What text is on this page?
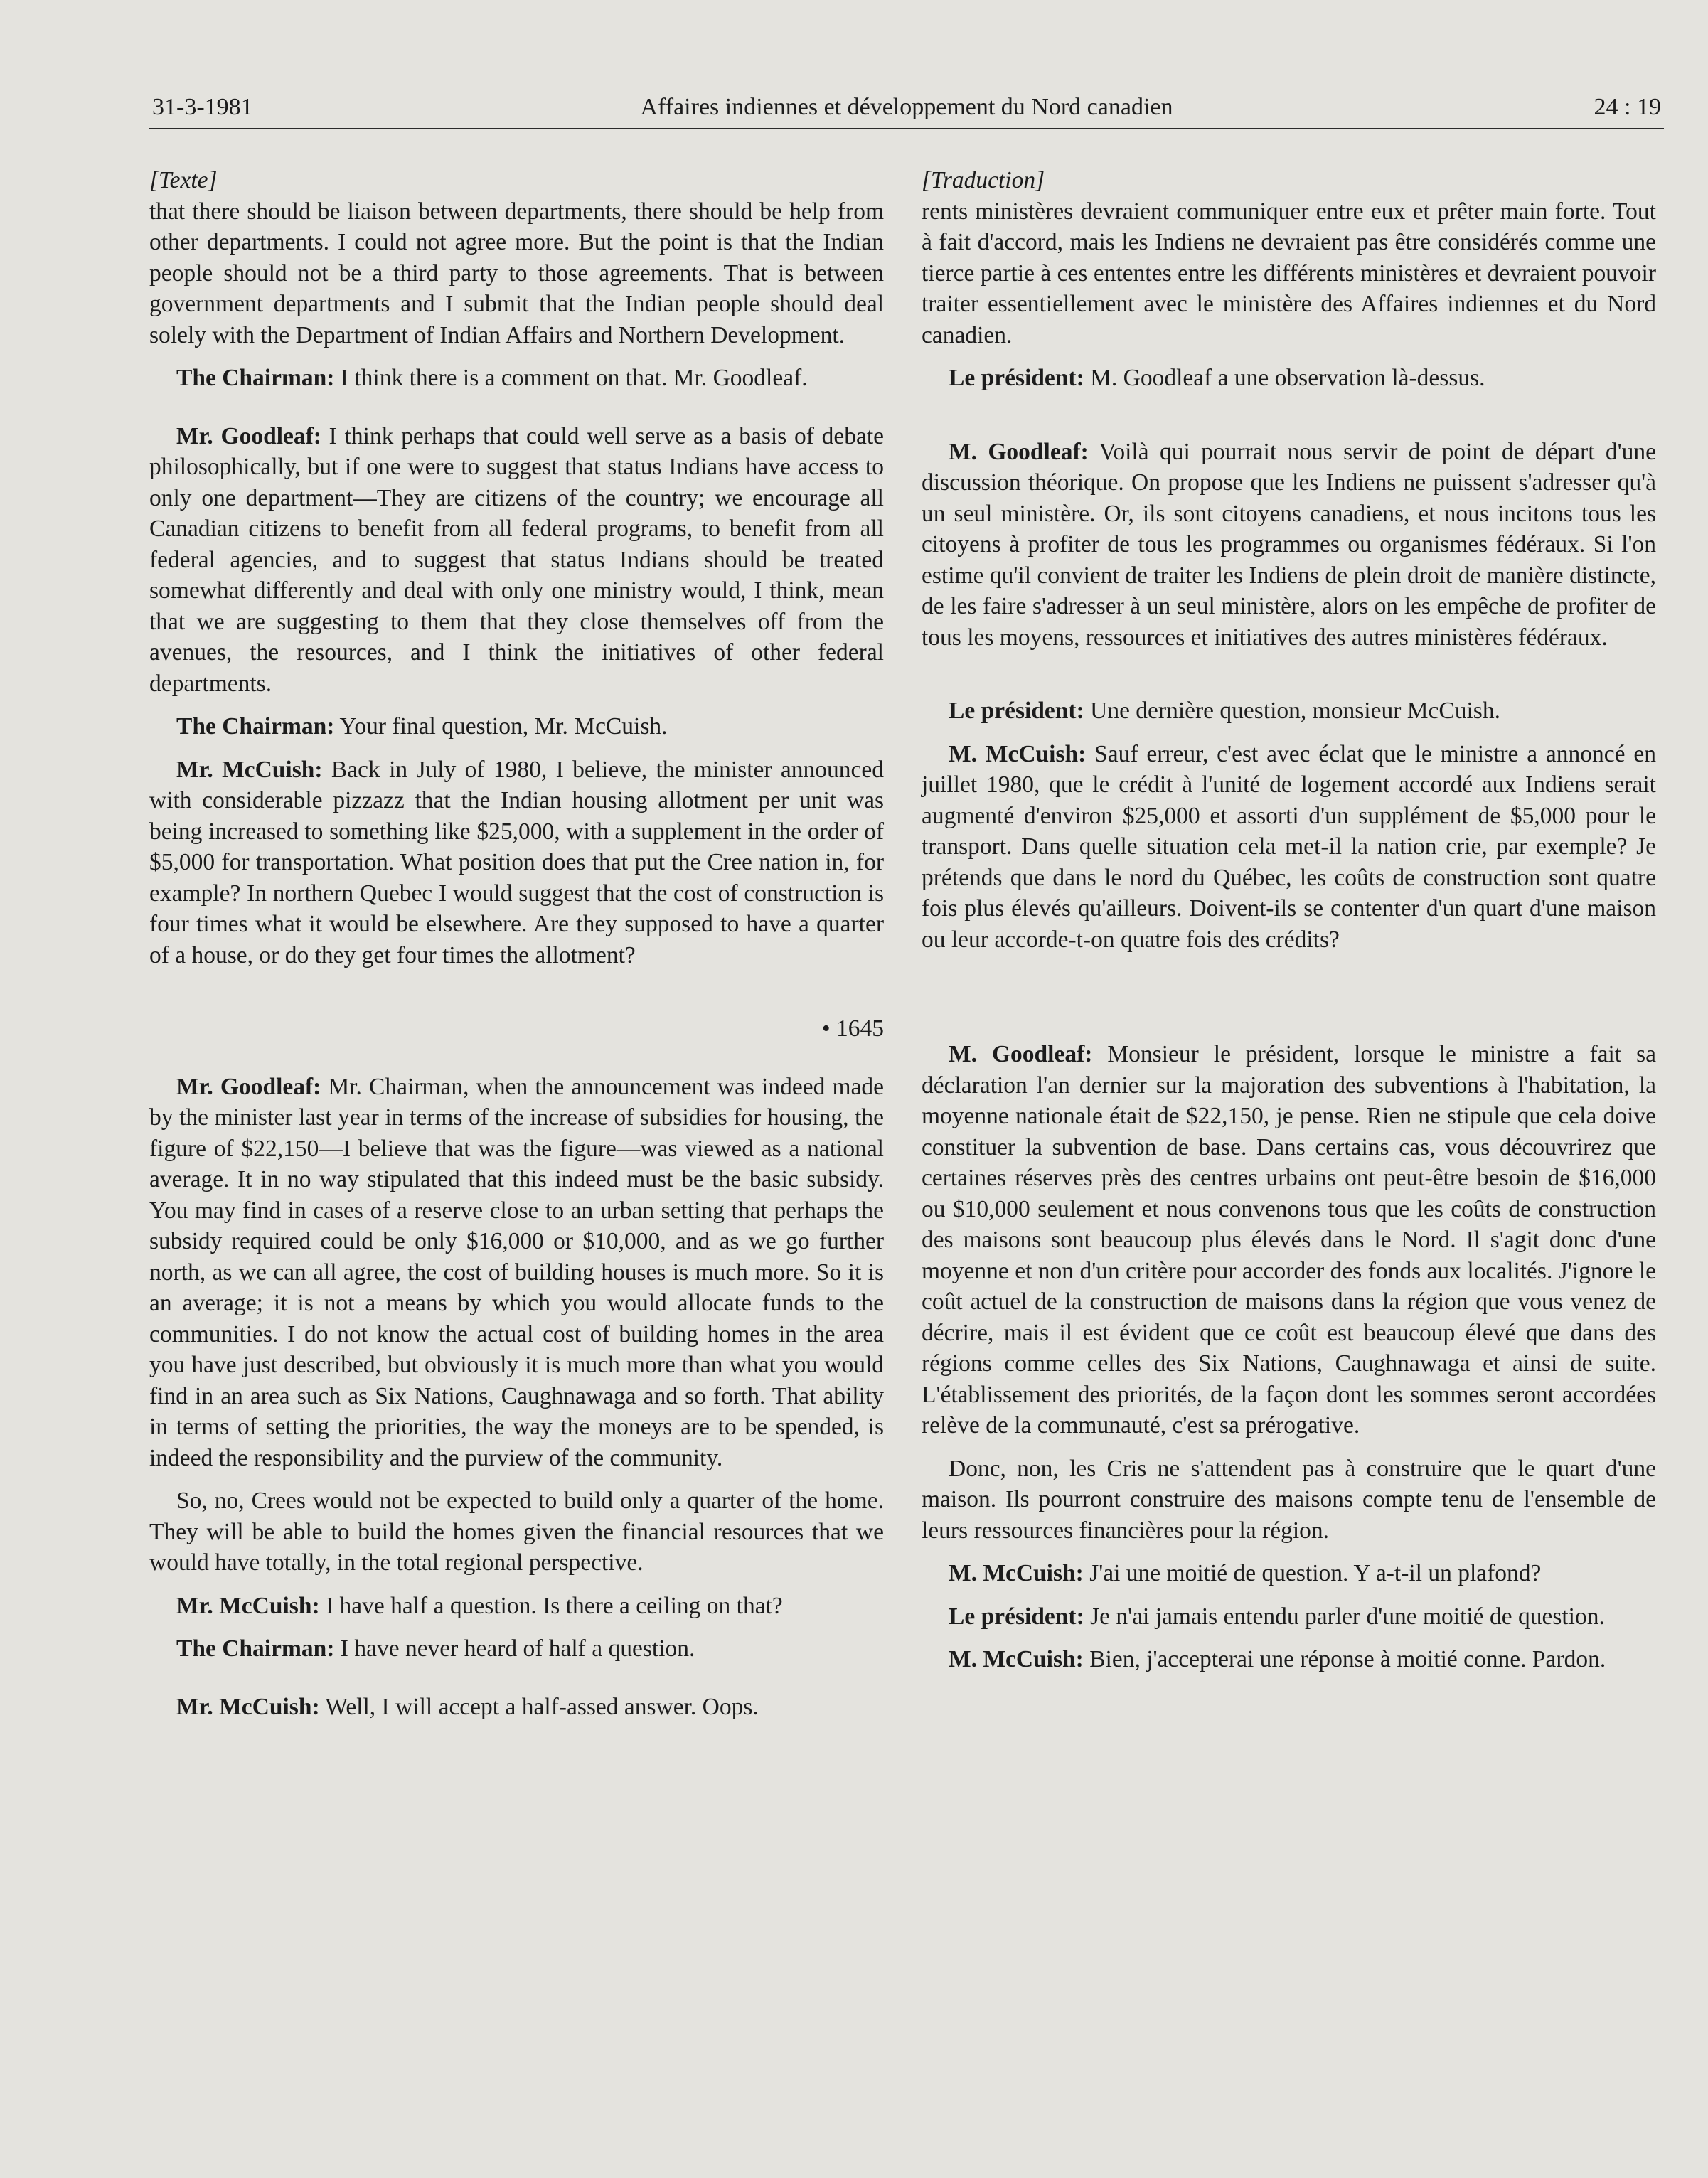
31-3-1981	Affaires indiennes et développement du Nord canadien	24 : 19

[Texte]

that there should be liaison between departments, there should be help from other departments. I could not agree more. But the point is that the Indian people should not be a third party to those agreements. That is between government departments and I submit that the Indian people should deal solely with the Department of Indian Affairs and Northern Development.

The Chairman: I think there is a comment on that. Mr. Goodleaf.

Mr. Goodleaf: I think perhaps that could well serve as a basis of debate philosophically, but if one were to suggest that status Indians have access to only one department—They are citizens of the country; we encourage all Canadian citizens to benefit from all federal programs, to benefit from all federal agencies, and to suggest that status Indians should be treated somewhat differently and deal with only one ministry would, I think, mean that we are suggesting to them that they close themselves off from the avenues, the resources, and I think the initiatives of other federal departments.

The Chairman: Your final question, Mr. McCuish.

Mr. McCuish: Back in July of 1980, I believe, the minister announced with considerable pizzazz that the Indian housing allotment per unit was being increased to something like $25,000, with a supplement in the order of $5,000 for transportation. What position does that put the Cree nation in, for example? In northern Quebec I would suggest that the cost of construction is four times what it would be elsewhere. Are they supposed to have a quarter of a house, or do they get four times the allotment?

• 1645

Mr. Goodleaf: Mr. Chairman, when the announcement was indeed made by the minister last year in terms of the increase of subsidies for housing, the figure of $22,150—I believe that was the figure—was viewed as a national average. It in no way stipulated that this indeed must be the basic subsidy. You may find in cases of a reserve close to an urban setting that perhaps the subsidy required could be only $16,000 or $10,000, and as we go further north, as we can all agree, the cost of building houses is much more. So it is an average; it is not a means by which you would allocate funds to the communities. I do not know the actual cost of building homes in the area you have just described, but obviously it is much more than what you would find in an area such as Six Nations, Caughnawaga and so forth. That ability in terms of setting the priorities, the way the moneys are to be spended, is indeed the responsibility and the purview of the community.

So, no, Crees would not be expected to build only a quarter of the home. They will be able to build the homes given the financial resources that we would have totally, in the total regional perspective.

Mr. McCuish: I have half a question. Is there a ceiling on that?

The Chairman: I have never heard of half a question.

Mr. McCuish: Well, I will accept a half-assed answer. Oops.

[Traduction]

rents ministères devraient communiquer entre eux et prêter main forte. Tout à fait d'accord, mais les Indiens ne devraient pas être considérés comme une tierce partie à ces ententes entre les différents ministères et devraient pouvoir traiter essentiellement avec le ministère des Affaires indiennes et du Nord canadien.

Le président: M. Goodleaf a une observation là-dessus.

M. Goodleaf: Voilà qui pourrait nous servir de point de départ d'une discussion théorique. On propose que les Indiens ne puissent s'adresser qu'à un seul ministère. Or, ils sont citoyens canadiens, et nous incitons tous les citoyens à profiter de tous les programmes ou organismes fédéraux. Si l'on estime qu'il convient de traiter les Indiens de plein droit de manière distincte, de les faire s'adresser à un seul ministère, alors on les empêche de profiter de tous les moyens, ressources et initiatives des autres ministères fédéraux.

Le président: Une dernière question, monsieur McCuish.

M. McCuish: Sauf erreur, c'est avec éclat que le ministre a annoncé en juillet 1980, que le crédit à l'unité de logement accordé aux Indiens serait augmenté d'environ $25,000 et assorti d'un supplément de $5,000 pour le transport. Dans quelle situation cela met-il la nation crie, par exemple? Je prétends que dans le nord du Québec, les coûts de construction sont quatre fois plus élevés qu'ailleurs. Doivent-ils se contenter d'un quart d'une maison ou leur accorde-t-on quatre fois des crédits?

M. Goodleaf: Monsieur le président, lorsque le ministre a fait sa déclaration l'an dernier sur la majoration des subventions à l'habitation, la moyenne nationale était de $22,150, je pense. Rien ne stipule que cela doive constituer la subvention de base. Dans certains cas, vous découvrirez que certaines réserves près des centres urbains ont peut-être besoin de $16,000 ou $10,000 seulement et nous convenons tous que les coûts de construction des maisons sont beaucoup plus élevés dans le Nord. Il s'agit donc d'une moyenne et non d'un critère pour accorder des fonds aux localités. J'ignore le coût actuel de la construction de maisons dans la région que vous venez de décrire, mais il est évident que ce coût est beaucoup élevé que dans des régions comme celles des Six Nations, Caughnawaga et ainsi de suite. L'établissement des priorités, de la façon dont les sommes seront accordées relève de la communauté, c'est sa prérogative.

Donc, non, les Cris ne s'attendent pas à construire que le quart d'une maison. Ils pourront construire des maisons compte tenu de l'ensemble de leurs ressources financières pour la région.

M. McCuish: J'ai une moitié de question. Y a-t-il un plafond?

Le président: Je n'ai jamais entendu parler d'une moitié de question.

M. McCuish: Bien, j'accepterai une réponse à moitié conne. Pardon.
